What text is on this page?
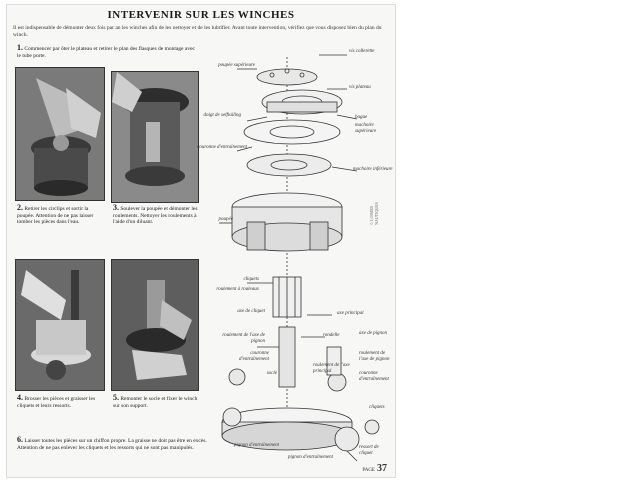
INTERVENIR SUR LES WINCHES
Il est indispensable de démonter deux fois par an les winches afin de les nettoyer et de les lubrifier. Avant toute intervention, vérifiez que vous disposez bien du plan du winch.
1. Commencer par ôter le plateau et retirer le plan des flasques de montage avec le tube porte.
2. Retirer les circlips et sortir la poupée. Attention de ne pas laisser tomber les pièces dans l'eau.
3. Soulever la poupée et démonter les roulements. Nettoyer les roulements à l'aide d'un diluant.
4. Brosser les pièces et graisser les cliquets et leurs ressorts.
5. Remonter le socle et fixer le winch sur son support.
6. Laisser toutes les pièces sur un chiffon propre. La graisse ne doit pas être en excès. Attention de ne pas enlever les cliquets et les ressorts qui ne sont pas manipulés.
vis collerette
poupée supérieure
vis plateau
doigt de selftailing	bague
machoire supérieure
couronne d'entraînement
machoire inférieure
poupée
cliquets
roulement à rouleaux
axe de cliquet	axe principal
roulement de l'axe de pignon
rondelle
couronne d'entraînement
axe de pignon
roulement de l'axe de pignon
roulement de l'axe principal	couronne d'entraînement
socle
cliquets
pignon d'entraînement
pignon d'entraînement
ressort de cliquet
© LOISIRS NAUTIQUES
PAGE 37
